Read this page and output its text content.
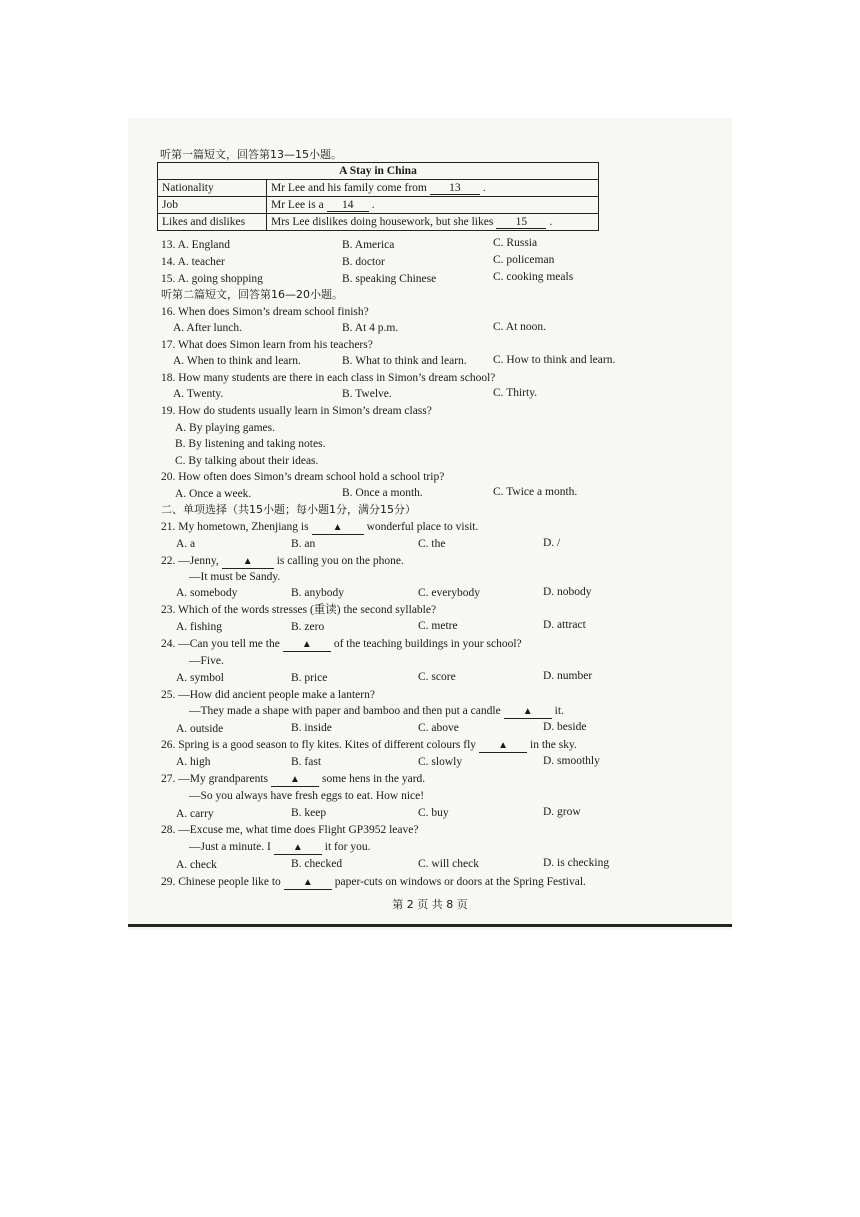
听第一篇短文，回答第13—15小题。
A Stay in China	
Nationality	Mr Lee and his family come from 13 .
Job	Mr Lee is a 14 .
Likes and dislikes	Mrs Lee dislikes doing housework, but she likes 15 .
13. A. England	B. America	C. Russia
14. A. teacher	B. doctor	C. policeman
15. A. going shopping	B. speaking Chinese	C. cooking meals
听第二篇短文，回答第16—20小题。
16. When does Simon’s dream school finish?
A. After lunch.	B. At 4 p.m.	C. At noon.
17. What does Simon learn from his teachers?
A. When to think and learn.	B. What to think and learn. C. How to think and learn.
18. How many students are there in each class in Simon’s dream school?
A. Twenty.	B. Twelve.	C. Thirty.
19. How do students usually learn in Simon’s dream class?
A. By playing games.
B. By listening and taking notes.
C. By talking about their ideas.
20. How often does Simon’s dream school hold a school trip?
A. Once a week.	B. Once a month.	C. Twice a month.
二、单项选择（共15小题；每小题1分，满分15分）
21. My hometown, Zhenjiang is ▲ wonderful place to visit.
A. a	B. an	C. the	D. /
22. —Jenny, ▲ is calling you on the phone.
—It must be Sandy.
A. somebody	B. anybody	C. everybody	D. nobody
23. Which of the words stresses (重读) the second syllable?
A. fishing	B. zero	C. metre	D. attract
24. —Can you tell me the ▲ of the teaching buildings in your school?
—Five.
A. symbol	B. price	C. score	D. number
25. —How did ancient people make a lantern?
—They made a shape with paper and bamboo and then put a candle ▲ it.
A. outside	B. inside	C. above	D. beside
26. Spring is a good season to fly kites. Kites of different colours fly ▲ in the sky.
A. high	B. fast	C. slowly	D. smoothly
27. —My grandparents ▲ some hens in the yard.
—So you always have fresh eggs to eat. How nice!
A. carry	B. keep	C. buy	D. grow
28. —Excuse me, what time does Flight GP3952 leave?
—Just a minute. I ▲ it for you.
A. check	B. checked	C. will check	D. is checking
29. Chinese people like to ▲ paper-cuts on windows or doors at the Spring Festival.
第 2 页 共 8 页
